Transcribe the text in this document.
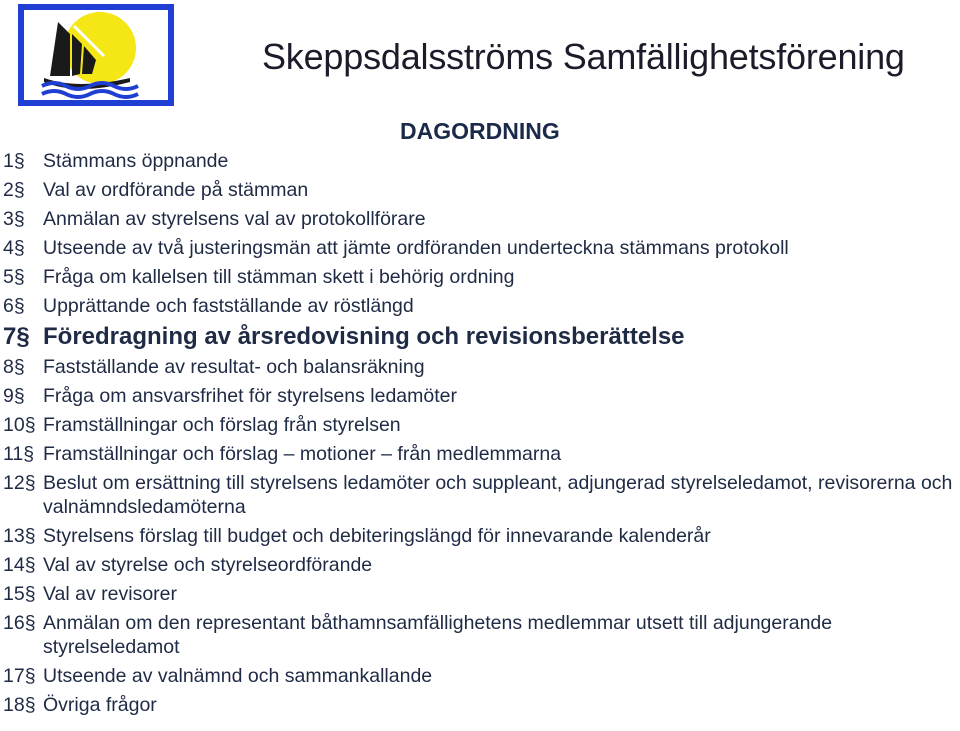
Skeppsdalsströms Samfällighetsförening
DAGORDNING
1§ Stämmans öppnande
2§ Val av ordförande på stämman
3§ Anmälan av styrelsens val av protokollförare
4§ Utseende av två justeringsmän att jämte ordföranden underteckna stämmans protokoll
5§ Fråga om kallelsen till stämman skett i behörig ordning
6§ Upprättande och fastställande av röstlängd
7§ Föredragning av årsredovisning och revisionsberättelse
8§ Fastställande av resultat- och balansräkning
9§ Fråga om ansvarsfrihet för styrelsens ledamöter
10§ Framställningar och förslag från styrelsen
11§ Framställningar och förslag – motioner – från medlemmarna
12§ Beslut om ersättning till styrelsens ledamöter och suppleant, adjungerad styrelseledamot, revisorerna och valnämndsledamöterna
13§ Styrelsens förslag till budget och debiteringslängd för innevarande kalenderår
14§ Val av styrelse och styrelseordförande
15§ Val av revisorer
16§ Anmälan om den representant båthamnsamfällighetens medlemmar utsett till adjungerande styrelseledamot
17§ Utseende av valnämnd och sammankallande
18§ Övriga frågor
